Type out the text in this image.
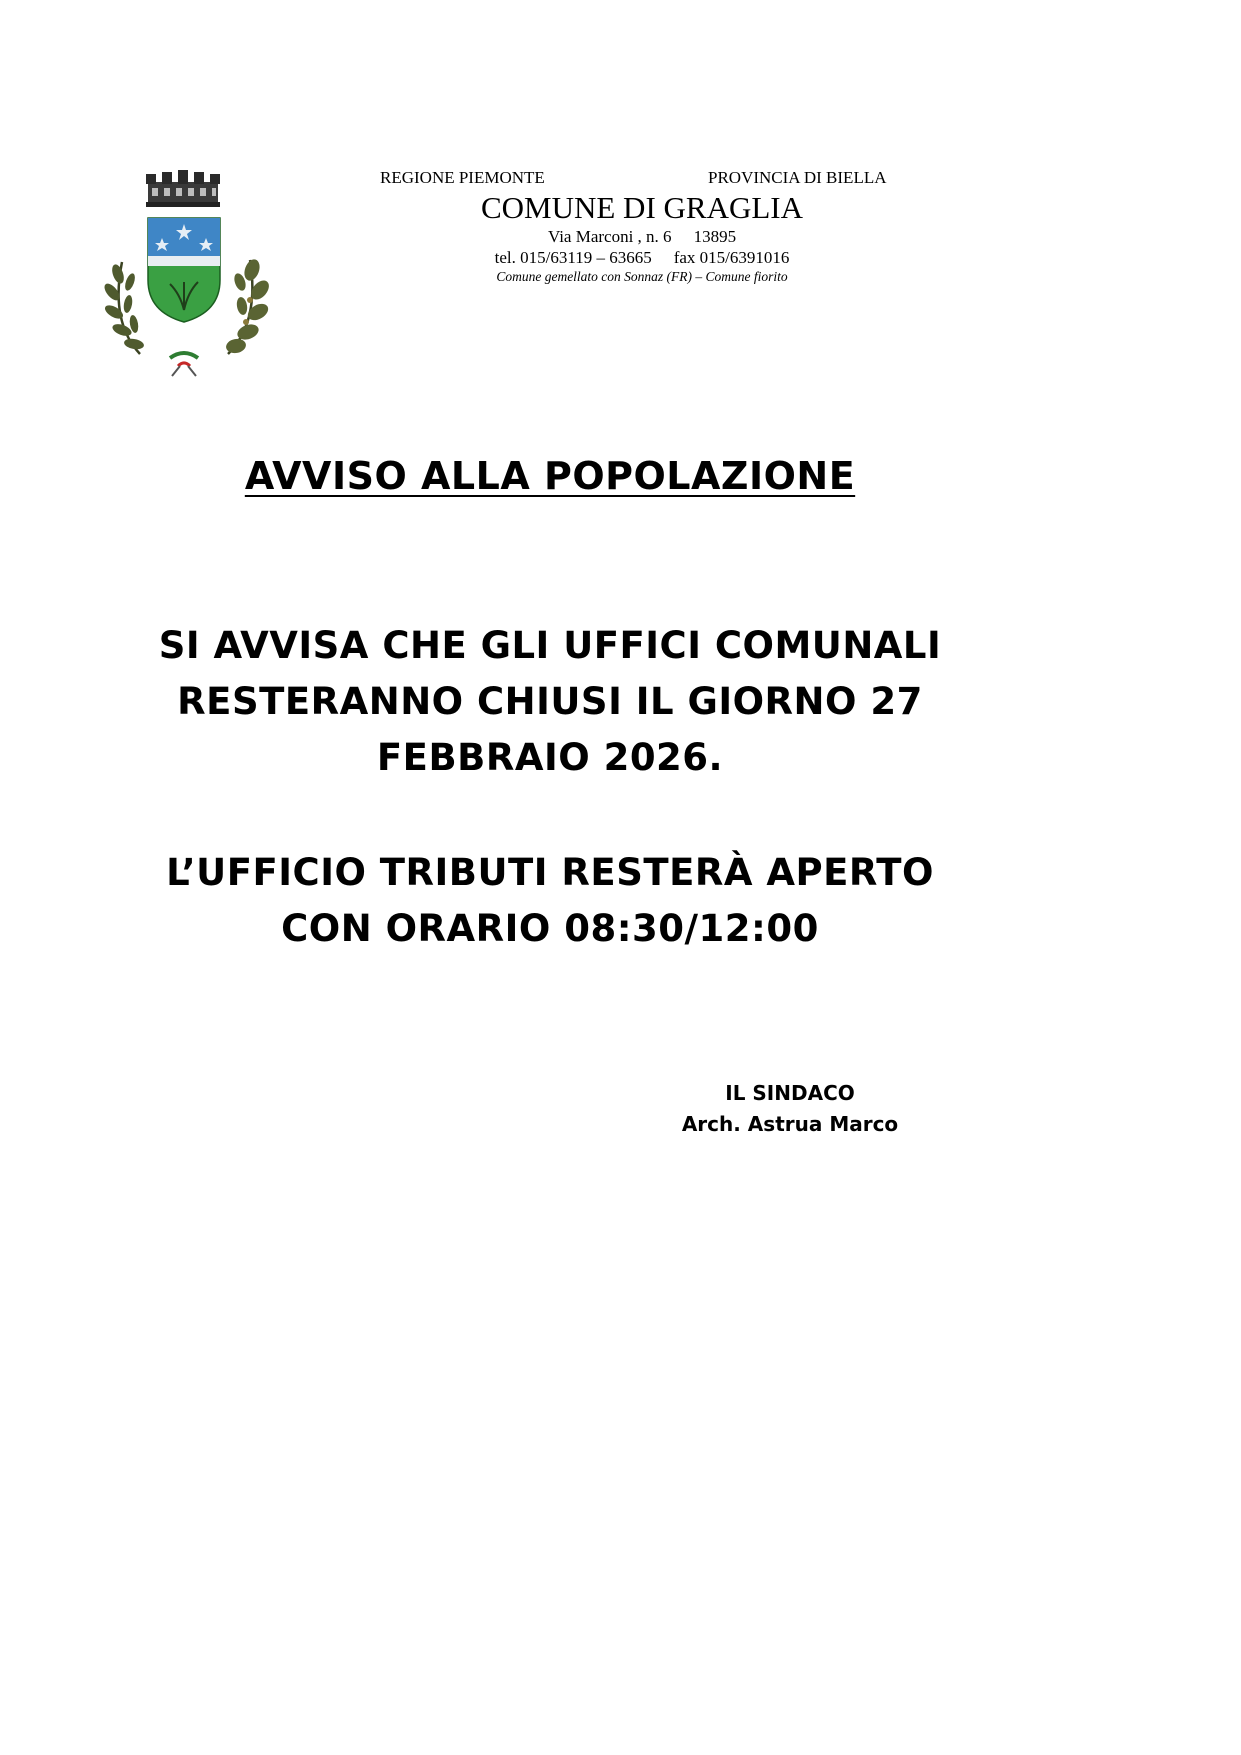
REGIONE PIEMONTE	PROVINCIA DI BIELLA
COMUNE DI GRAGLIA
Via Marconi , n. 6 13895
tel. 015/63119 – 63665 fax 015/6391016
Comune gemellato con Sonnaz (FR) – Comune fiorito
AVVISO ALLA POPOLAZIONE
SI AVVISA CHE GLI UFFICI COMUNALI
RESTERANNO CHIUSI IL GIORNO 27
FEBBRAIO 2026.
L’UFFICIO TRIBUTI RESTERÀ APERTO
CON ORARIO 08:30/12:00
IL SINDACO
Arch. Astrua Marco
